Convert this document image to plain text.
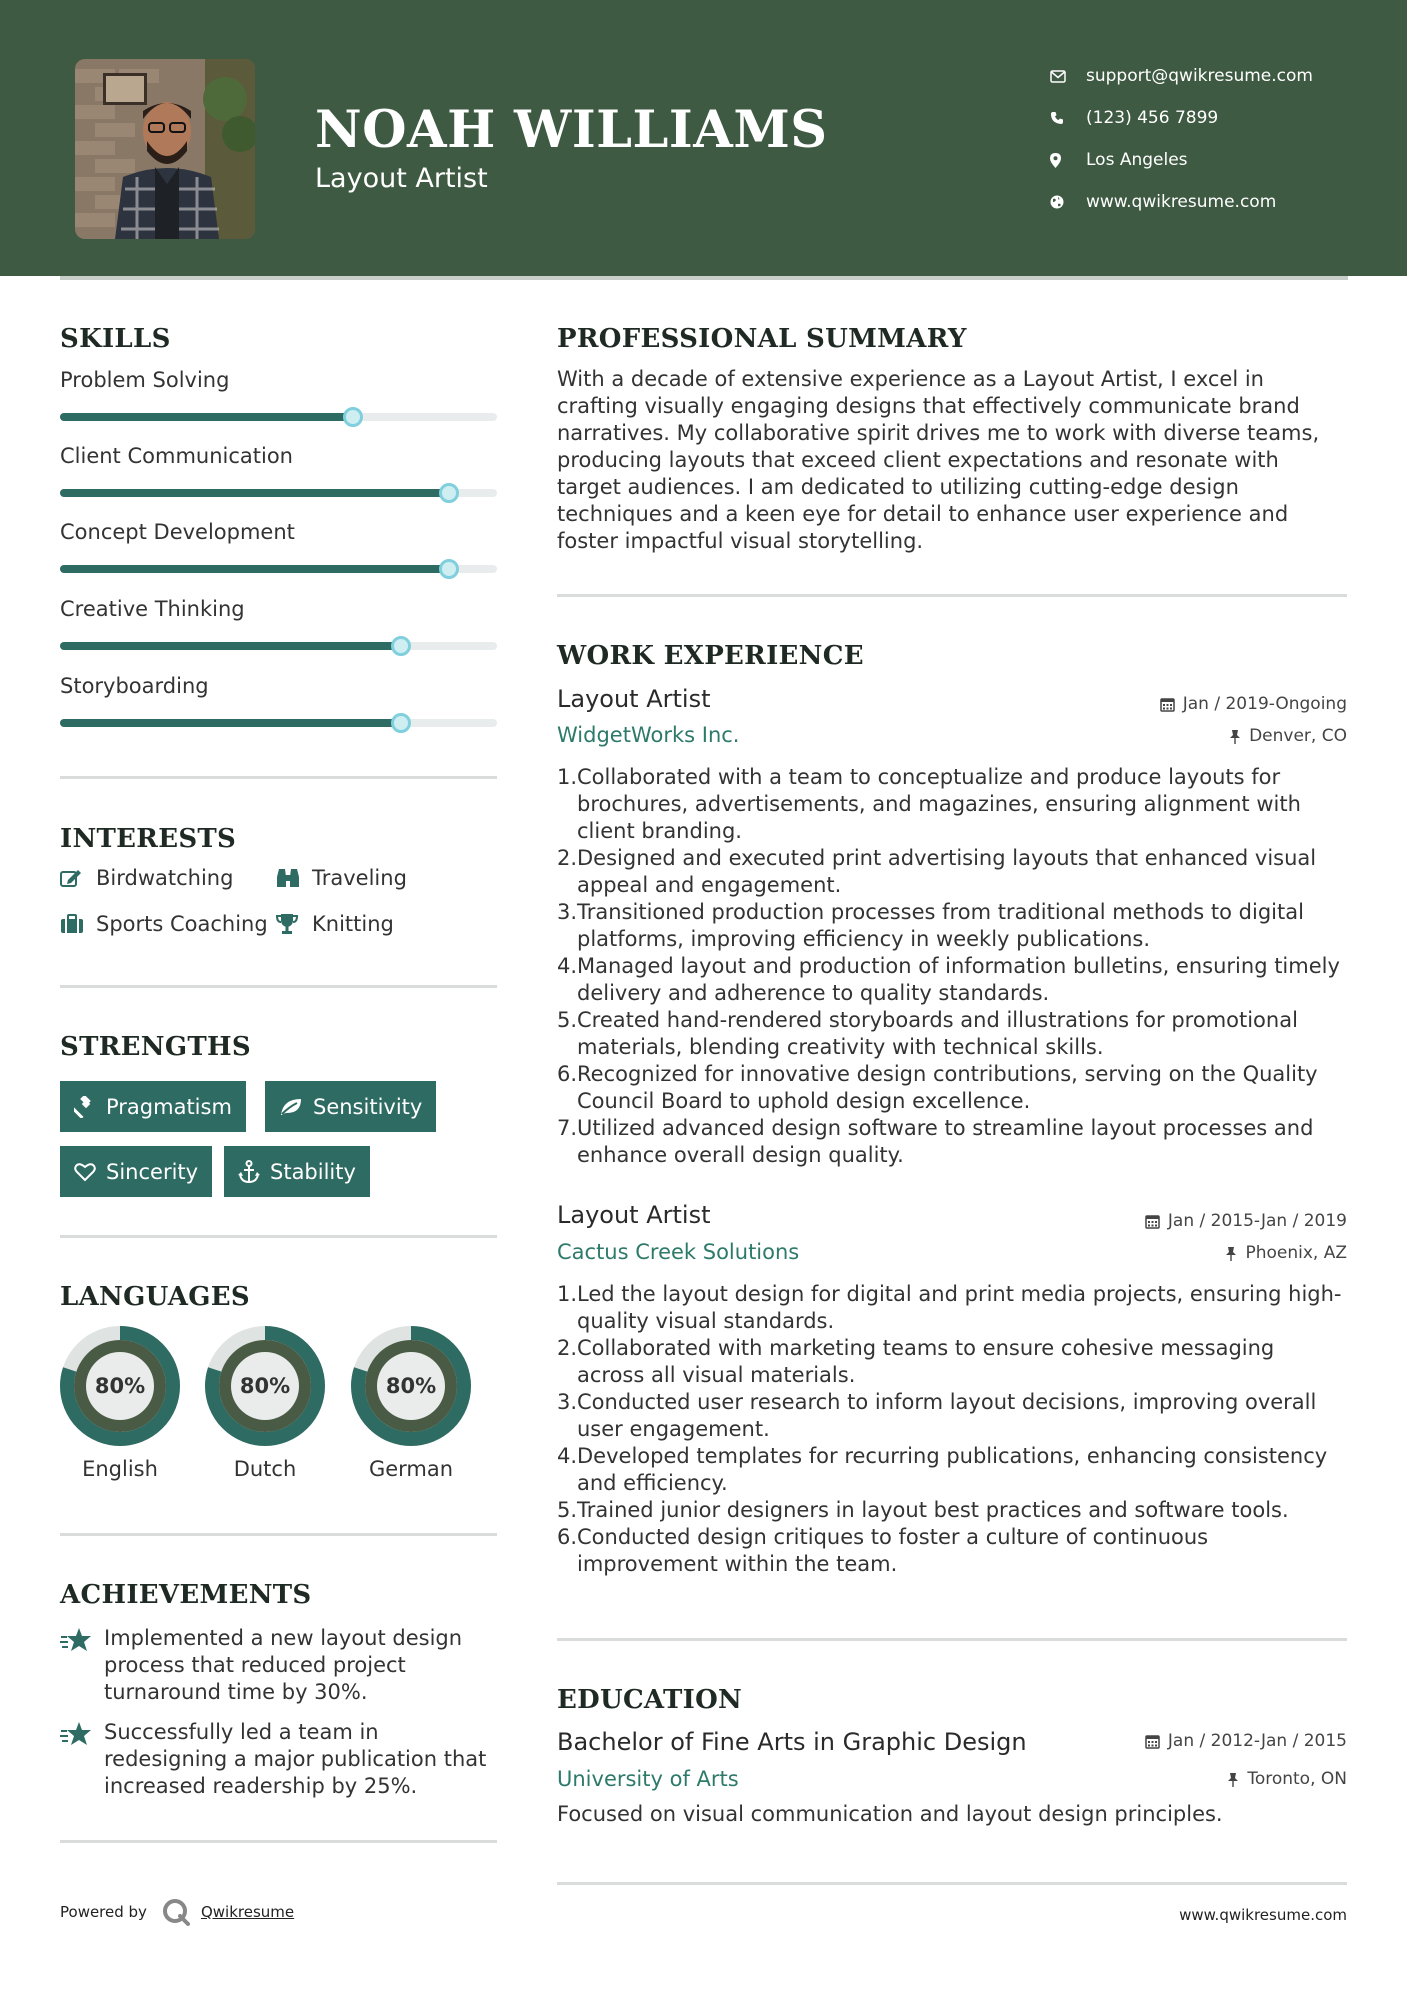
NOAH WILLIAMS
Layout Artist
support@qwikresume.com
(123) 456 7899
Los Angeles
www.qwikresume.com
SKILLS
Problem Solving
Client Communication
Concept Development
Creative Thinking
Storyboarding
INTERESTS
Birdwatching	Traveling
Sports Coaching Knitting
STRENGTHS
Pragmatism	Sensitivity
Sincerity	Stability
LANGUAGES
80%
English
80%
Dutch
80%
German
ACHIEVEMENTS
Implemented a new layout design process that reduced project turnaround time by 30%.
Successfully led a team in redesigning a major publication that increased readership by 25%.
PROFESSIONAL SUMMARY
With a decade of extensive experience as a Layout Artist, I excel in crafting visually engaging designs that effectively communicate brand narratives. My collaborative spirit drives me to work with diverse teams, producing layouts that exceed client expectations and resonate with target audiences. I am dedicated to utilizing cutting-edge design techniques and a keen eye for detail to enhance user experience and foster impactful visual storytelling.
WORK EXPERIENCE
Layout Artist	Jan / 2019-Ongoing
WidgetWorks Inc.	Denver, CO
1. Collaborated with a team to conceptualize and produce layouts for brochures, advertisements, and magazines, ensuring alignment with client branding.
2. Designed and executed print advertising layouts that enhanced visual appeal and engagement.
3. Transitioned production processes from traditional methods to digital platforms, improving efficiency in weekly publications.
4. Managed layout and production of information bulletins, ensuring timely delivery and adherence to quality standards.
5. Created hand-rendered storyboards and illustrations for promotional materials, blending creativity with technical skills.
6. Recognized for innovative design contributions, serving on the Quality Council Board to uphold design excellence.
7. Utilized advanced design software to streamline layout processes and enhance overall design quality.
Layout Artist	Jan / 2015-Jan / 2019
Cactus Creek Solutions	Phoenix, AZ
1. Led the layout design for digital and print media projects, ensuring high-quality visual standards.
2. Collaborated with marketing teams to ensure cohesive messaging across all visual materials.
3. Conducted user research to inform layout decisions, improving overall user engagement.
4. Developed templates for recurring publications, enhancing consistency and efficiency.
5. Trained junior designers in layout best practices and software tools.
6. Conducted design critiques to foster a culture of continuous improvement within the team.
EDUCATION
Bachelor of Fine Arts in Graphic Design	Jan / 2012-Jan / 2015
University of Arts	Toronto, ON
Focused on visual communication and layout design principles.
Powered by	Qwikresume	www.qwikresume.com
